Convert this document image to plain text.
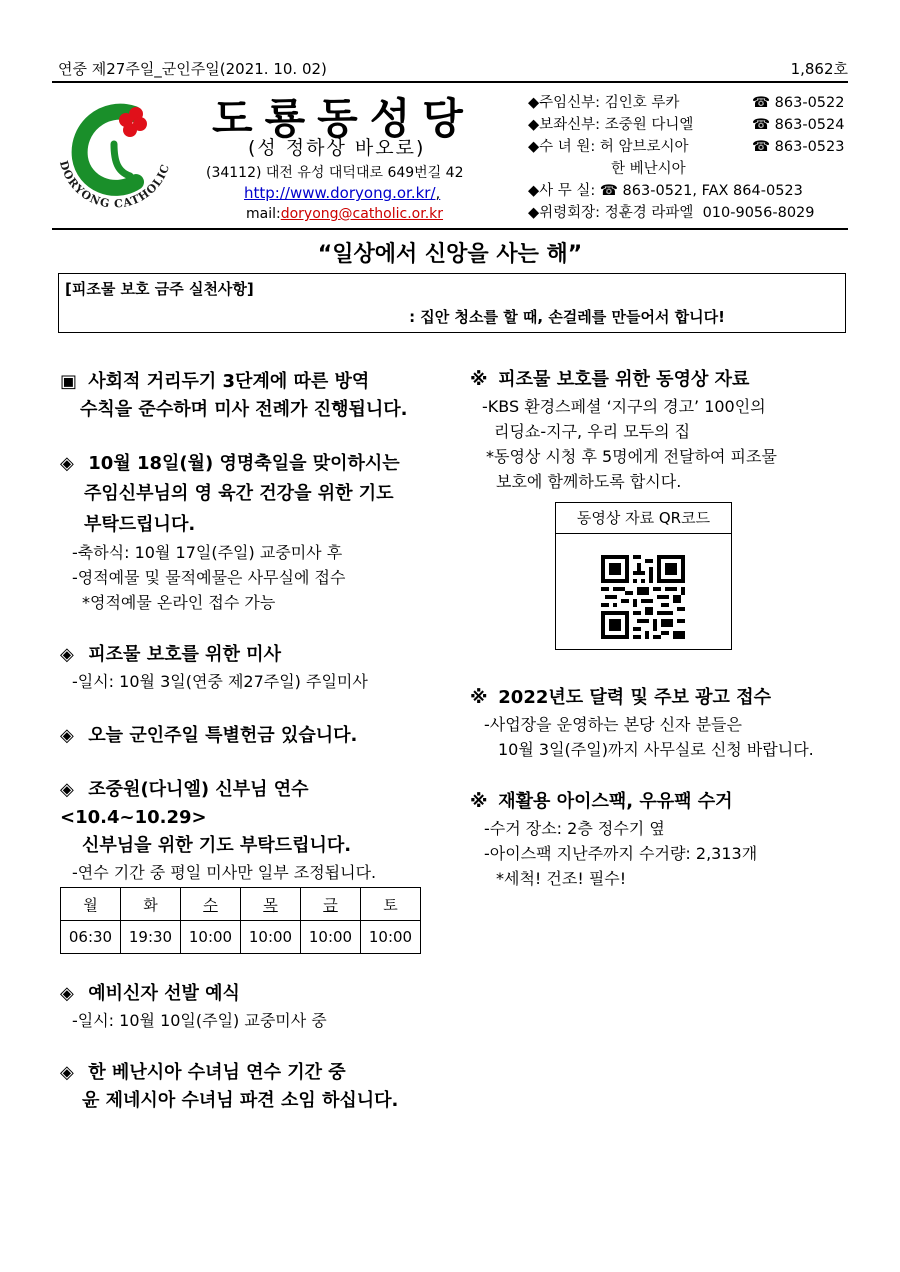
연중 제27주일_군인주일(2021. 10. 02)	1,862호
DORYONG CATHOLIC
도룡동성당
(성 정하상 바오로)
(34112) 대전 유성 대덕대로 649번길 42
http://www.doryong.or.kr/,
mail:doryong@catholic.or.kr
◆주임신부:
김인호 루카	☎ 863-0522
◆보좌신부:
조중원 다니엘	☎ 863-0524
◆수 녀 원:
허 암브로시아	☎ 863-0523
한 베난시아
◆사 무 실:
☎ 863-0521, FAX 864-0523
◆위령회장:
정훈경 라파엘
010-9056-8029
“일상에서 신앙을 사는 해”
[피조물 보호 금주 실천사항]
: 집안 청소를 할 때, 손걸레를 만들어서 합니다!
▣ 사회적 거리두기 3단계에 따른 방역
수칙을 준수하며 미사 전례가 진행됩니다.
◈ 10월 18일(월) 영명축일을 맞이하시는
주임신부님의 영 육간 건강을 위한 기도
부탁드립니다.
-축하식: 10월 17일(주일) 교중미사 후
-영적예물 및 물적예물은 사무실에 접수
*영적예물 온라인 접수 가능
◈ 피조물 보호를 위한 미사
-일시: 10월 3일(연중 제27주일) 주일미사
◈ 오늘 군인주일 특별헌금 있습니다.
◈ 조중원(다니엘) 신부님 연수<10.4~10.29>
신부님을 위한 기도 부탁드립니다.
-연수 기간 중 평일 미사만 일부 조정됩니다.
월	화	수	목	금	토
06:30	19:30	10:00	10:00	10:00	10:00
◈ 예비신자 선발 예식
-일시: 10월 10일(주일) 교중미사 중
◈ 한 베난시아 수녀님 연수 기간 중
윤 제네시아 수녀님 파견 소임 하십니다.
※ 피조물 보호를 위한 동영상 자료
-KBS 환경스페셜 ‘지구의 경고’ 100인의
리딩쇼-지구, 우리 모두의 집
*동영상 시청 후 5명에게 전달하여 피조물
보호에 함께하도록 합시다.
동영상 자료 QR코드
※ 2022년도 달력 및 주보 광고 접수
-사업장을 운영하는 본당 신자 분들은
10월 3일(주일)까지 사무실로 신청 바랍니다.
※ 재활용 아이스팩, 우유팩 수거
-수거 장소: 2층 정수기 옆
-아이스팩 지난주까지 수거량: 2,313개
*세척! 건조! 필수!
